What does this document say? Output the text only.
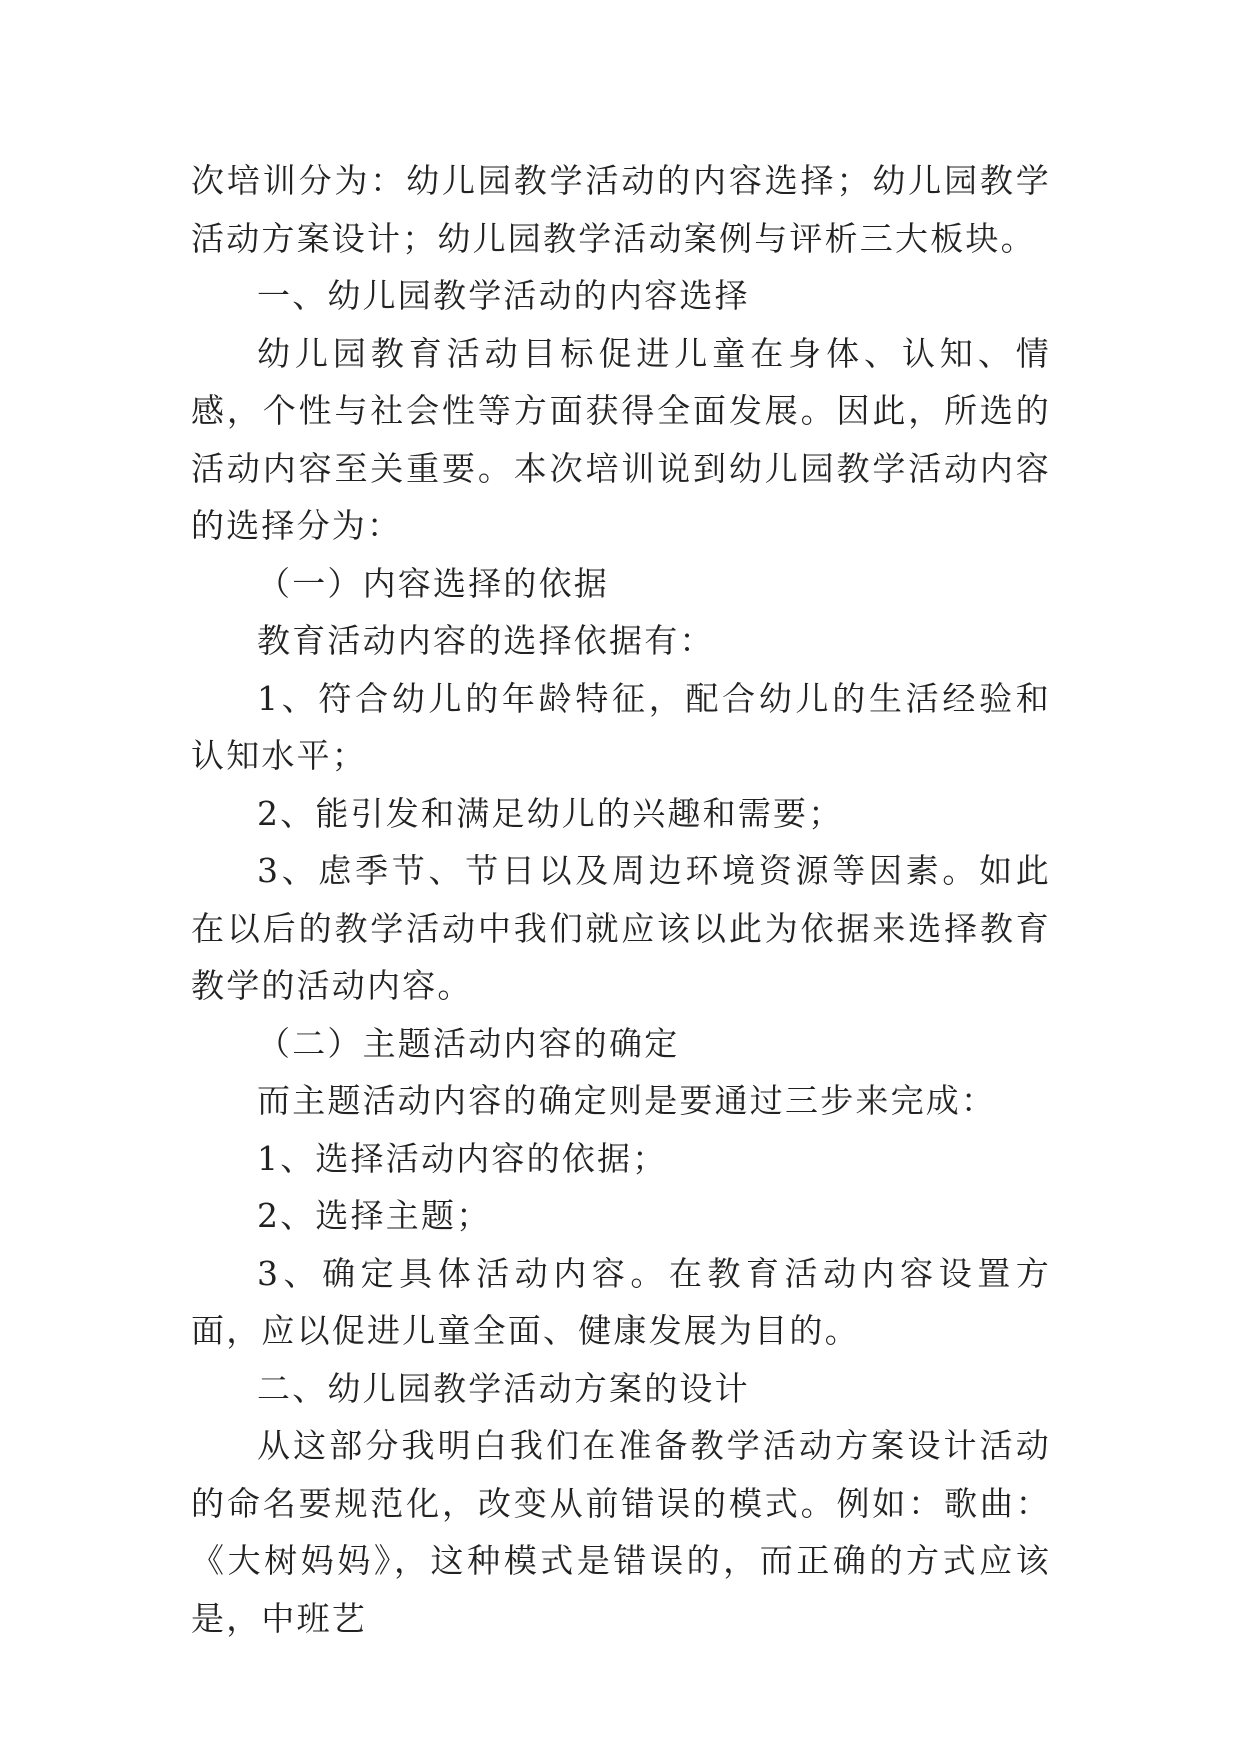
次培训分为：幼儿园教学活动的内容选择；幼儿园教学活动方案设计；幼儿园教学活动案例与评析三大板块。

一、幼儿园教学活动的内容选择

幼儿园教育活动目标促进儿童在身体、认知、情感，个性与社会性等方面获得全面发展。因此，所选的活动内容至关重要。本次培训说到幼儿园教学活动内容的选择分为：

（一）内容选择的依据

教育活动内容的选择依据有：

1、符合幼儿的年龄特征，配合幼儿的生活经验和认知水平；

2、能引发和满足幼儿的兴趣和需要；

3、虑季节、节日以及周边环境资源等因素。如此在以后的教学活动中我们就应该以此为依据来选择教育教学的活动内容。

（二）主题活动内容的确定

而主题活动内容的确定则是要通过三步来完成：

1、选择活动内容的依据；

2、选择主题；

3、确定具体活动内容。在教育活动内容设置方面，应以促进儿童全面、健康发展为目的。

二、幼儿园教学活动方案的设计

从这部分我明白我们在准备教学活动方案设计活动的命名要规范化，改变从前错误的模式。例如：歌曲：《大树妈妈》，这种模式是错误的，而正确的方式应该是，中班艺
